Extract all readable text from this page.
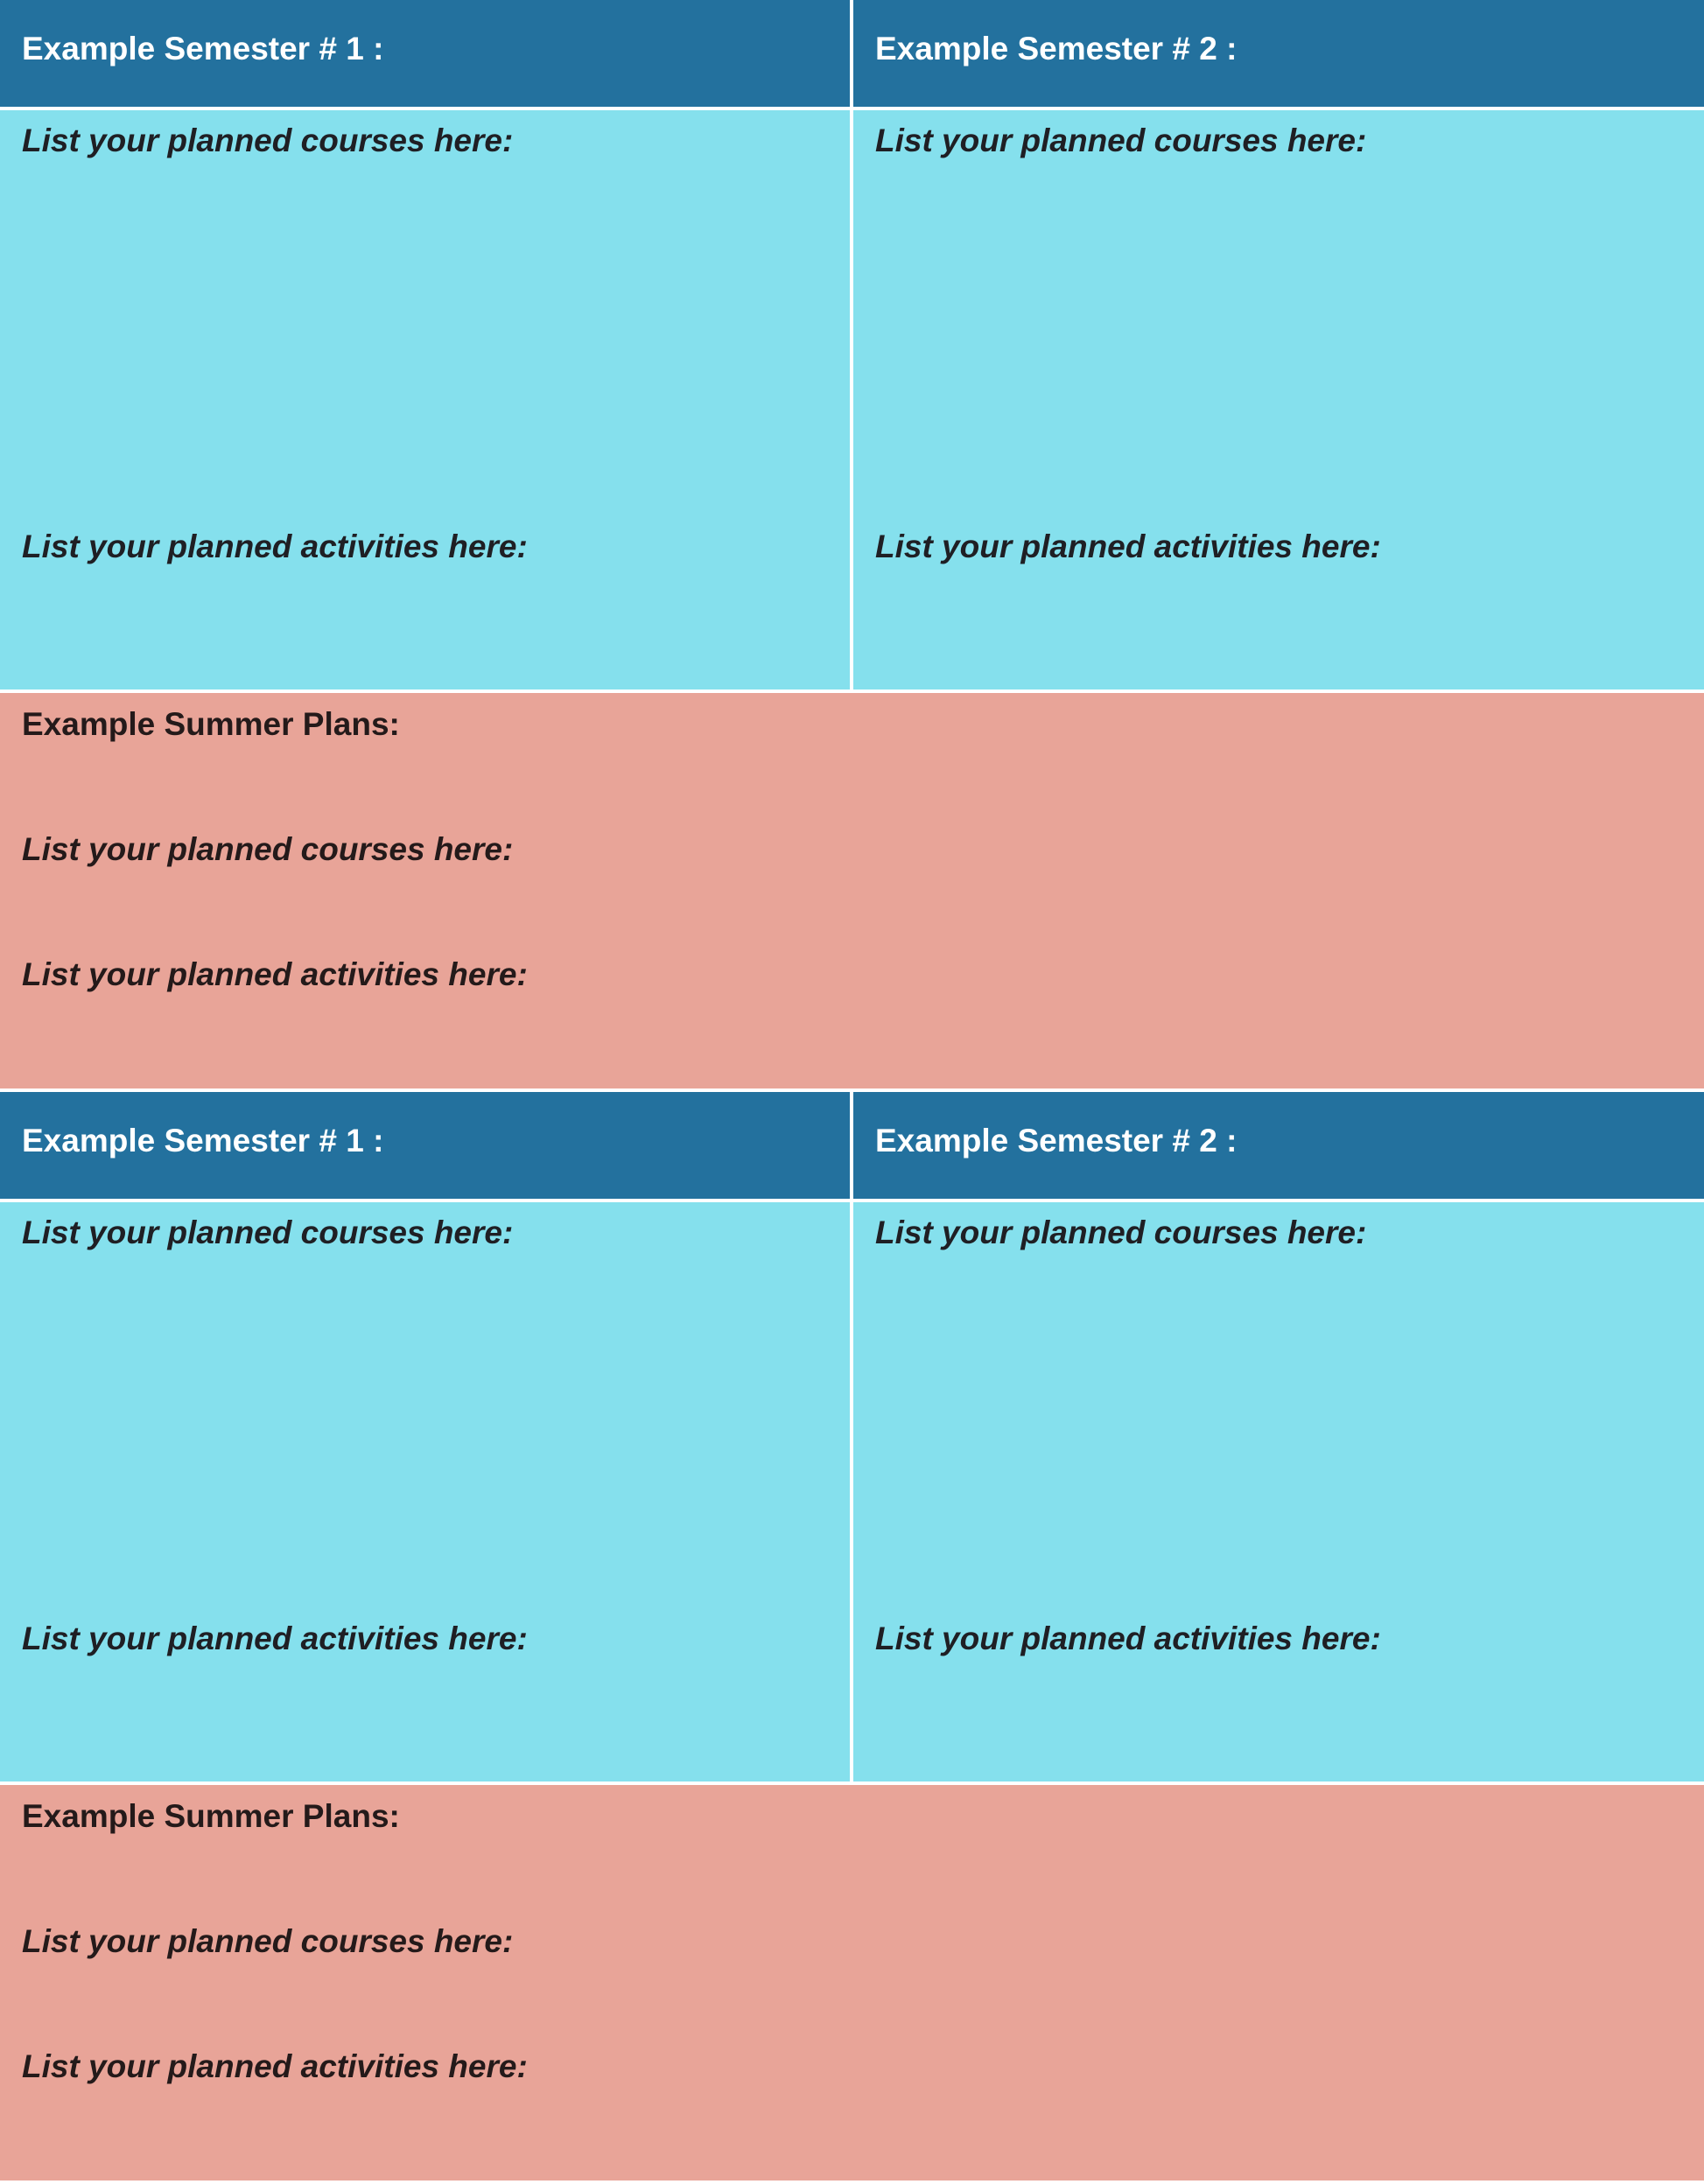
Example Semester # 1 :	Example Semester # 2 :
List your planned courses here:
List your planned activities here:
List your planned courses here:
List your planned activities here:
Example Summer Plans:
List your planned courses here:
List your planned activities here:
Example Semester # 1 :	Example Semester # 2 :
List your planned courses here:
List your planned activities here:
List your planned courses here:
List your planned activities here:
Example Summer Plans:
List your planned courses here:
List your planned activities here:
